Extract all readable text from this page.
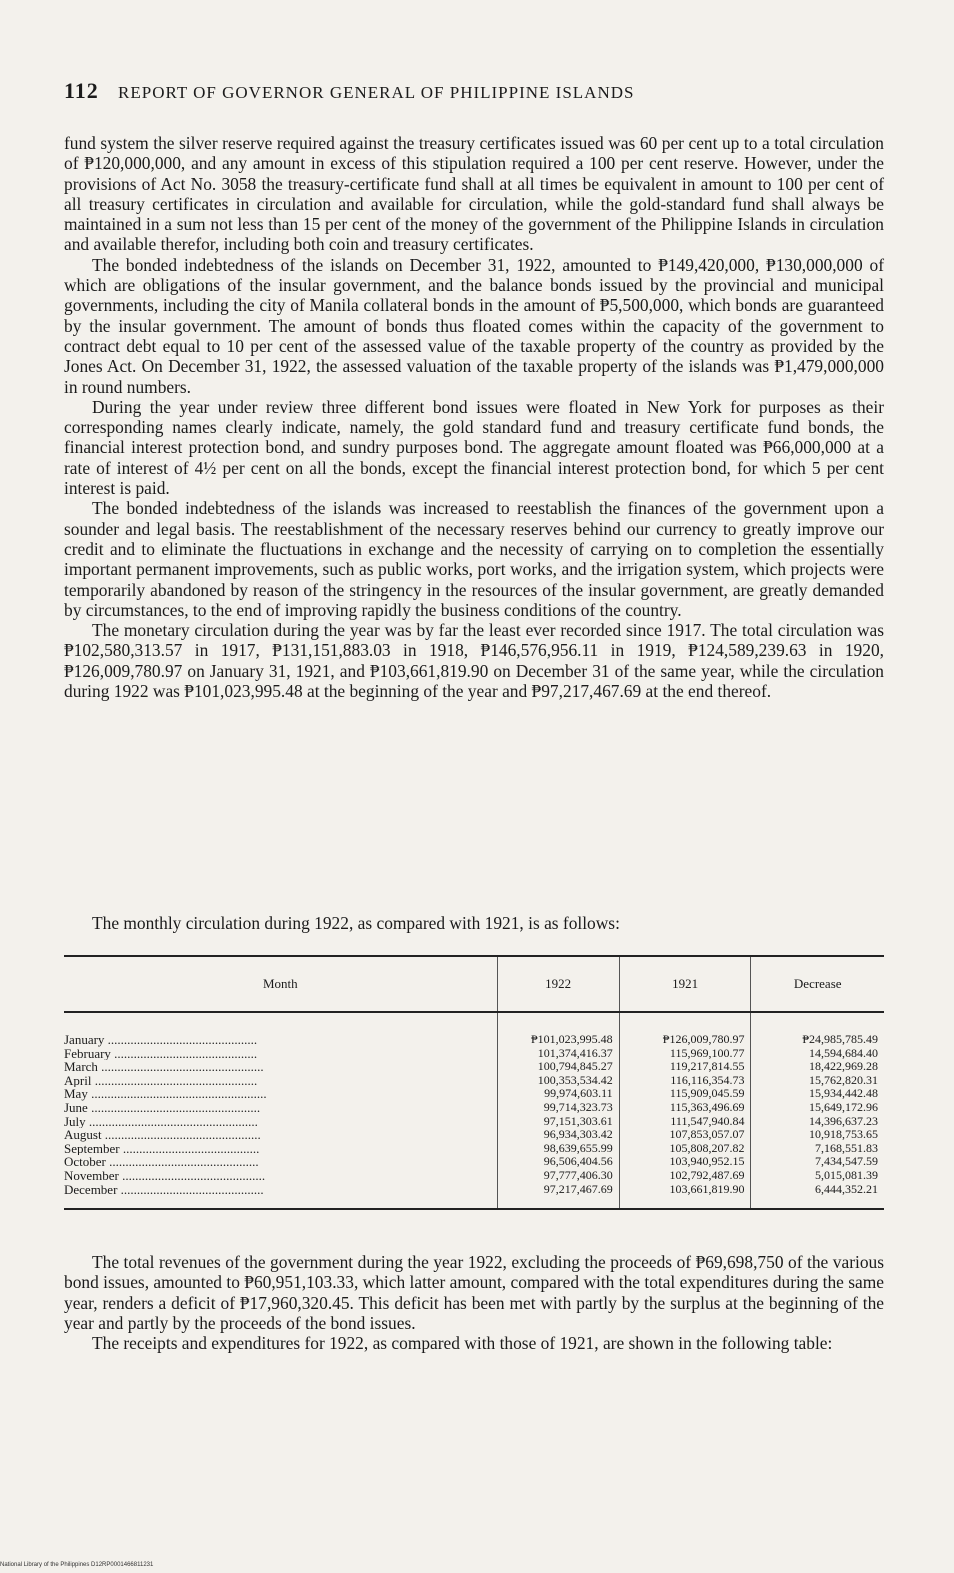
112 REPORT OF GOVERNOR GENERAL OF PHILIPPINE ISLANDS

fund system the silver reserve required against the treasury certificates issued was 60 per cent up to a total circulation of ₱120,000,000, and any amount in excess of this stipulation required a 100 per cent reserve. However, under the provisions of Act No. 3058 the treasury-certificate fund shall at all times be equivalent in amount to 100 per cent of all treasury certificates in circulation and available for circulation, while the gold-standard fund shall always be maintained in a sum not less than 15 per cent of the money of the government of the Philippine Islands in circulation and available therefor, including both coin and treasury certificates.

The bonded indebtedness of the islands on December 31, 1922, amounted to ₱149,420,000, ₱130,000,000 of which are obligations of the insular government, and the balance bonds issued by the provincial and municipal governments, including the city of Manila collateral bonds in the amount of ₱5,500,000, which bonds are guaranteed by the insular government. The amount of bonds thus floated comes within the capacity of the government to contract debt equal to 10 per cent of the assessed value of the taxable property of the country as provided by the Jones Act. On December 31, 1922, the assessed valuation of the taxable property of the islands was ₱1,479,000,000 in round numbers.

During the year under review three different bond issues were floated in New York for purposes as their corresponding names clearly indicate, namely, the gold standard fund and treasury certificate fund bonds, the financial interest protection bond, and sundry purposes bond. The aggregate amount floated was ₱66,000,000 at a rate of interest of 4½ per cent on all the bonds, except the financial interest protection bond, for which 5 per cent interest is paid.

The bonded indebtedness of the islands was increased to reestablish the finances of the government upon a sounder and legal basis. The reestablishment of the necessary reserves behind our currency to greatly improve our credit and to eliminate the fluctuations in exchange and the necessity of carrying on to completion the essentially important permanent improvements, such as public works, port works, and the irrigation system, which projects were temporarily abandoned by reason of the stringency in the resources of the insular government, are greatly demanded by circumstances, to the end of improving rapidly the business conditions of the country.

The monetary circulation during the year was by far the least ever recorded since 1917. The total circulation was ₱102,580,313.57 in 1917, ₱131,151,883.03 in 1918, ₱146,576,956.11 in 1919, ₱124,589,239.63 in 1920, ₱126,009,780.97 on January 31, 1921, and ₱103,661,819.90 on December 31 of the same year, while the circulation during 1922 was ₱101,023,995.48 at the beginning of the year and ₱97,217,467.69 at the end thereof.

The monthly circulation during 1922, as compared with 1921, is as follows:
Month	1922	1921	Decrease
January ..............................................	₱101,023,995.48	₱126,009,780.97	₱24,985,785.49
February ............................................	101,374,416.37	115,969,100.77	14,594,684.40
March ..................................................	100,794,845.27	119,217,814.55	18,422,969.28
April ..................................................	100,353,534.42	116,116,354.73	15,762,820.31
May ......................................................	99,974,603.11	115,909,045.59	15,934,442.48
June ....................................................	99,714,323.73	115,363,496.69	15,649,172.96
July ....................................................	97,151,303.61	111,547,940.84	14,396,637.23
August ................................................	96,934,303.42	107,853,057.07	10,918,753.65
September ..........................................	98,639,655.99	105,808,207.82	7,168,551.83
October ..............................................	96,506,404.56	103,940,952.15	7,434,547.59
November ............................................	97,777,406.30	102,792,487.69	5,015,081.39
December ............................................	97,217,467.69	103,661,819.90	6,444,352.21

The total revenues of the government during the year 1922, excluding the proceeds of ₱69,698,750 of the various bond issues, amounted to ₱60,951,103.33, which latter amount, compared with the total expenditures during the same year, renders a deficit of ₱17,960,320.45. This deficit has been met with partly by the surplus at the beginning of the year and partly by the proceeds of the bond issues.

The receipts and expenditures for 1922, as compared with those of 1921, are shown in the following table:

National Library of the Philippines D12RP0001466811231
